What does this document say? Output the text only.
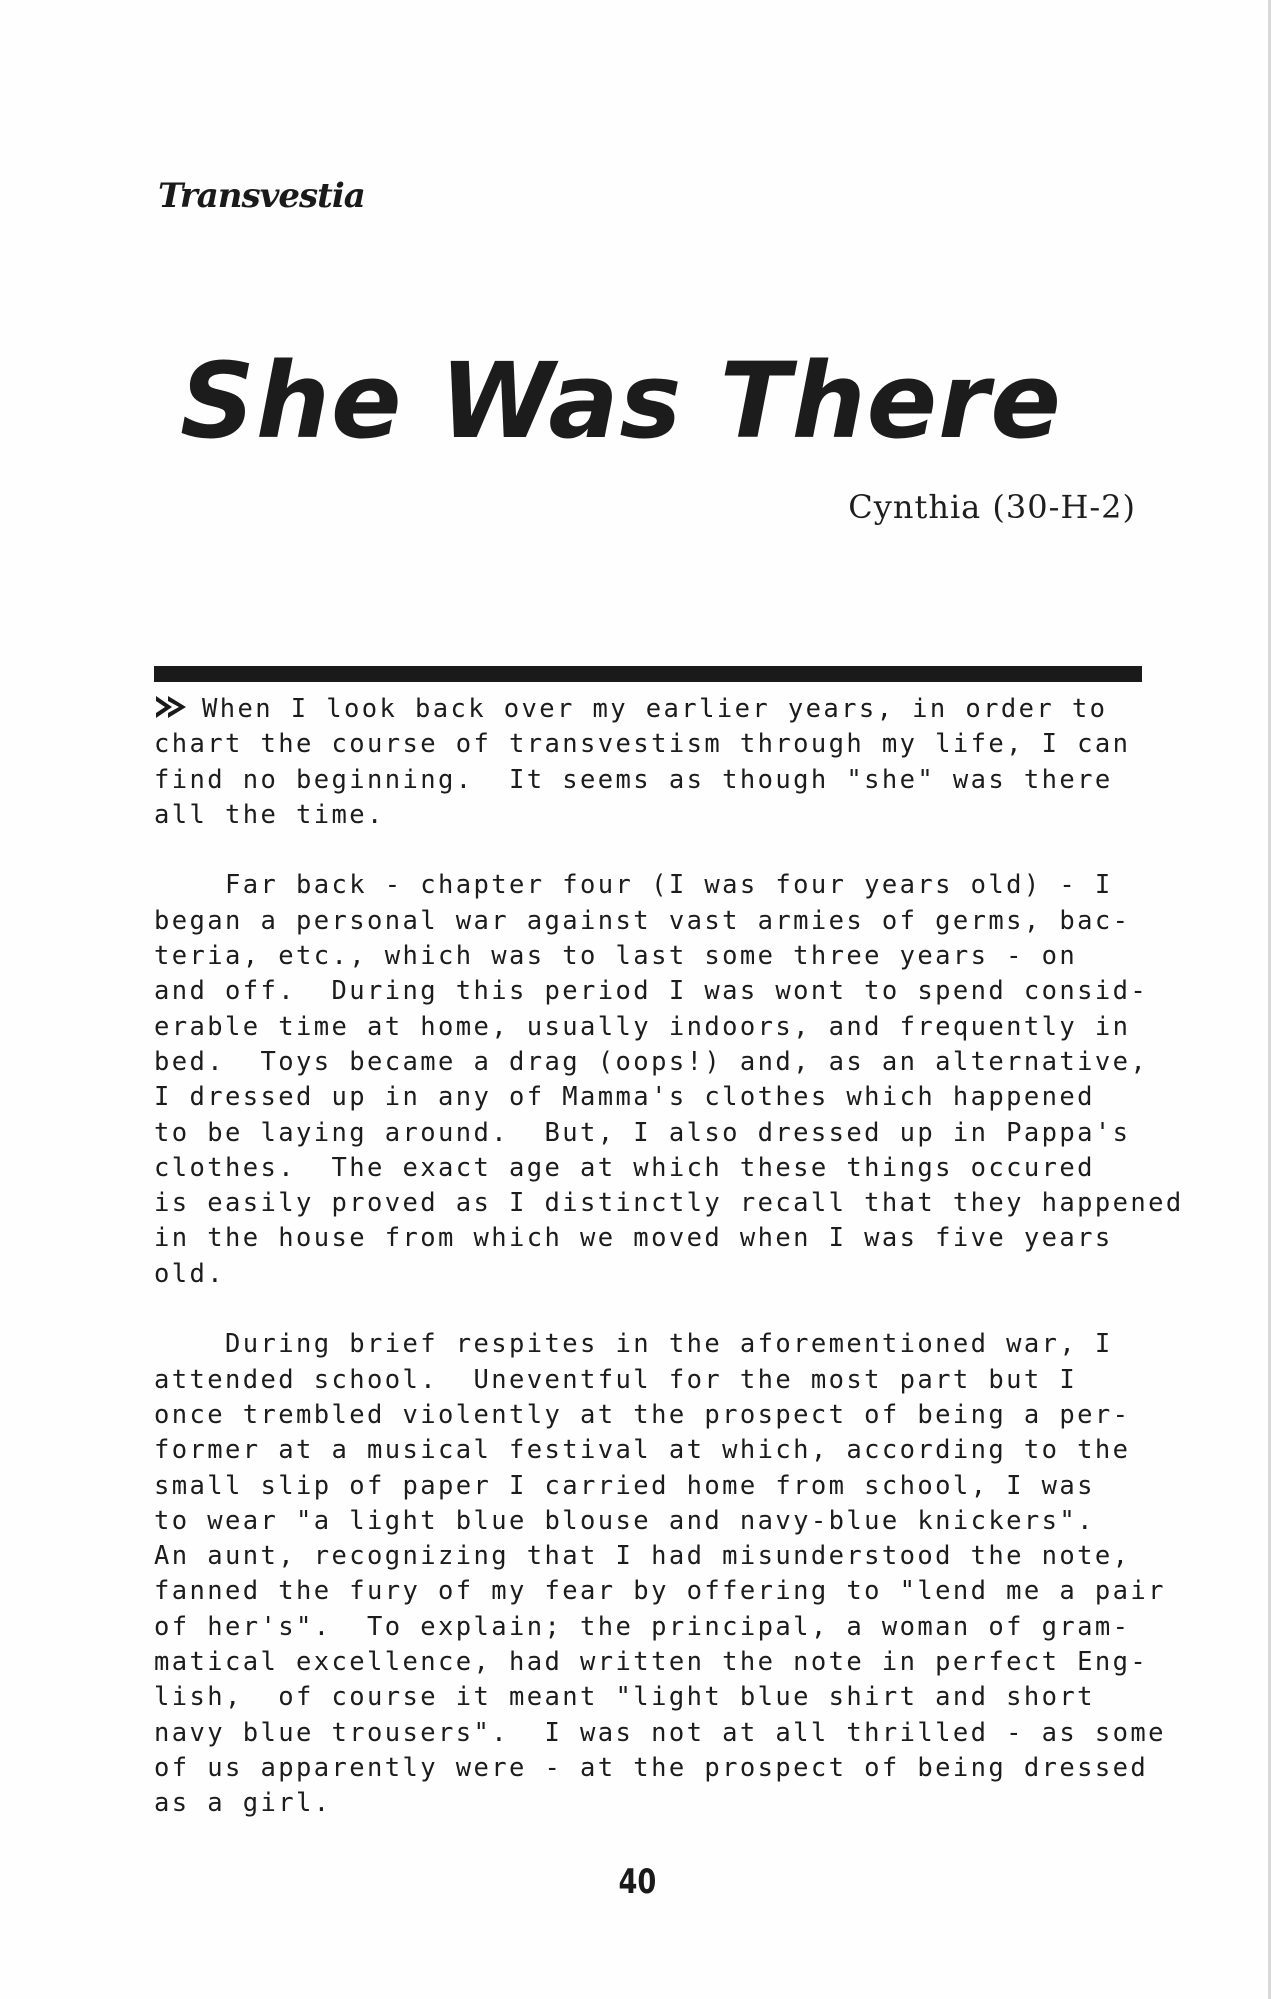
Transvestia
She Was There
Cynthia (30-H-2)

When I look back over my earlier years, in order to
chart the course of transvestism through my life, I can
find no beginning.  It seems as though "she" was there
all the time.

Far back - chapter four (I was four years old) - I
began a personal war against vast armies of germs, bac-
teria, etc., which was to last some three years - on
and off.  During this period I was wont to spend consid-
erable time at home, usually indoors, and frequently in
bed.  Toys became a drag (oops!) and, as an alternative,
I dressed up in any of Mamma's clothes which happened
to be laying around.  But, I also dressed up in Pappa's
clothes.  The exact age at which these things occured
is easily proved as I distinctly recall that they happened
in the house from which we moved when I was five years
old.

During brief respites in the aforementioned war, I
attended school.  Uneventful for the most part but I
once trembled violently at the prospect of being a per-
former at a musical festival at which, according to the
small slip of paper I carried home from school, I was
to wear "a light blue blouse and navy-blue knickers".
An aunt, recognizing that I had misunderstood the note,
fanned the fury of my fear by offering to "lend me a pair
of her's".  To explain; the principal, a woman of gram-
matical excellence, had written the note in perfect Eng-
lish,  of course it meant "light blue shirt and short
navy blue trousers".  I was not at all thrilled - as some
of us apparently were - at the prospect of being dressed
as a girl.

40
